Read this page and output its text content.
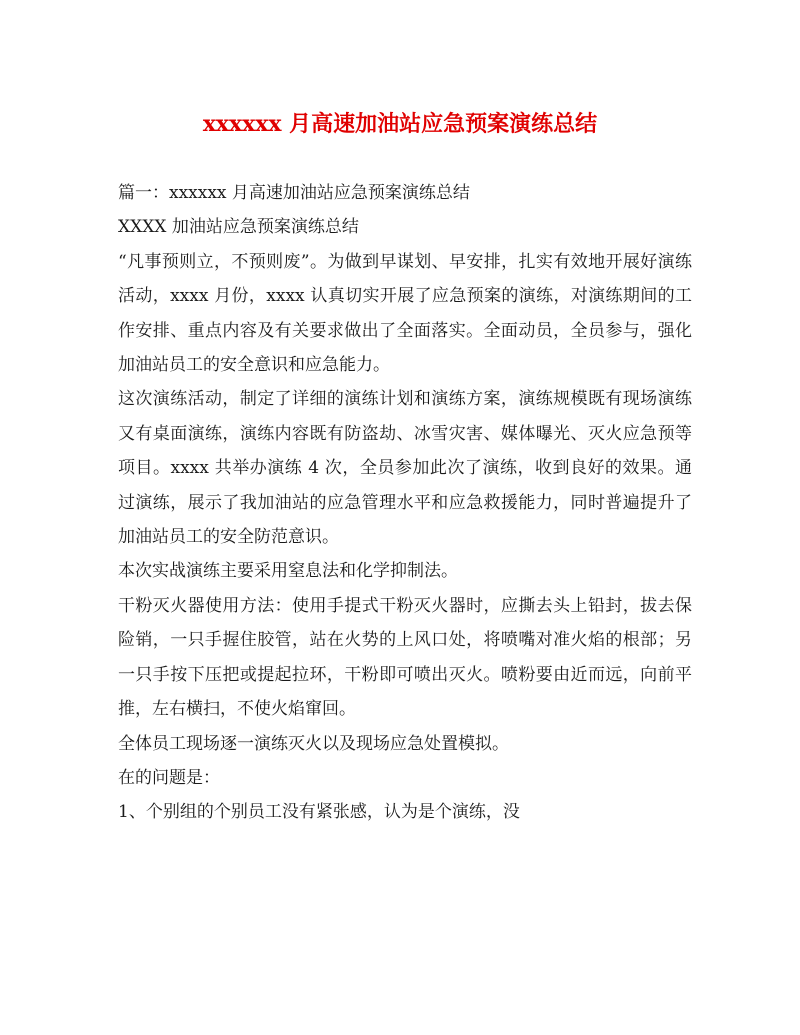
xxxxxx 月高速加油站应急预案演练总结

篇一：xxxxxx 月高速加油站应急预案演练总结

XXXX 加油站应急预案演练总结

“凡事预则立，不预则废”。为做到早谋划、早安排，扎实有效地开展好演练活动，xxxx 月份，xxxx 认真切实开展了应急预案的演练，对演练期间的工作安排、重点内容及有关要求做出了全面落实。全面动员，全员参与，强化加油站员工的安全意识和应急能力。

这次演练活动，制定了详细的演练计划和演练方案，演练规模既有现场演练又有桌面演练，演练内容既有防盗劫、冰雪灾害、媒体曝光、灭火应急预等项目。xxxx 共举办演练 4 次，全员参加此次了演练，收到良好的效果。通过演练，展示了我加油站的应急管理水平和应急救援能力，同时普遍提升了加油站员工的安全防范意识。

本次实战演练主要采用窒息法和化学抑制法。

干粉灭火器使用方法：使用手提式干粉灭火器时，应撕去头上铅封，拔去保险销，一只手握住胶管，站在火势的上风口处，将喷嘴对准火焰的根部；另一只手按下压把或提起拉环，干粉即可喷出灭火。喷粉要由近而远，向前平推，左右横扫，不使火焰窜回。

全体员工现场逐一演练灭火以及现场应急处置模拟。

在的问题是：

1、个别组的个别员工没有紧张感，认为是个演练，没
